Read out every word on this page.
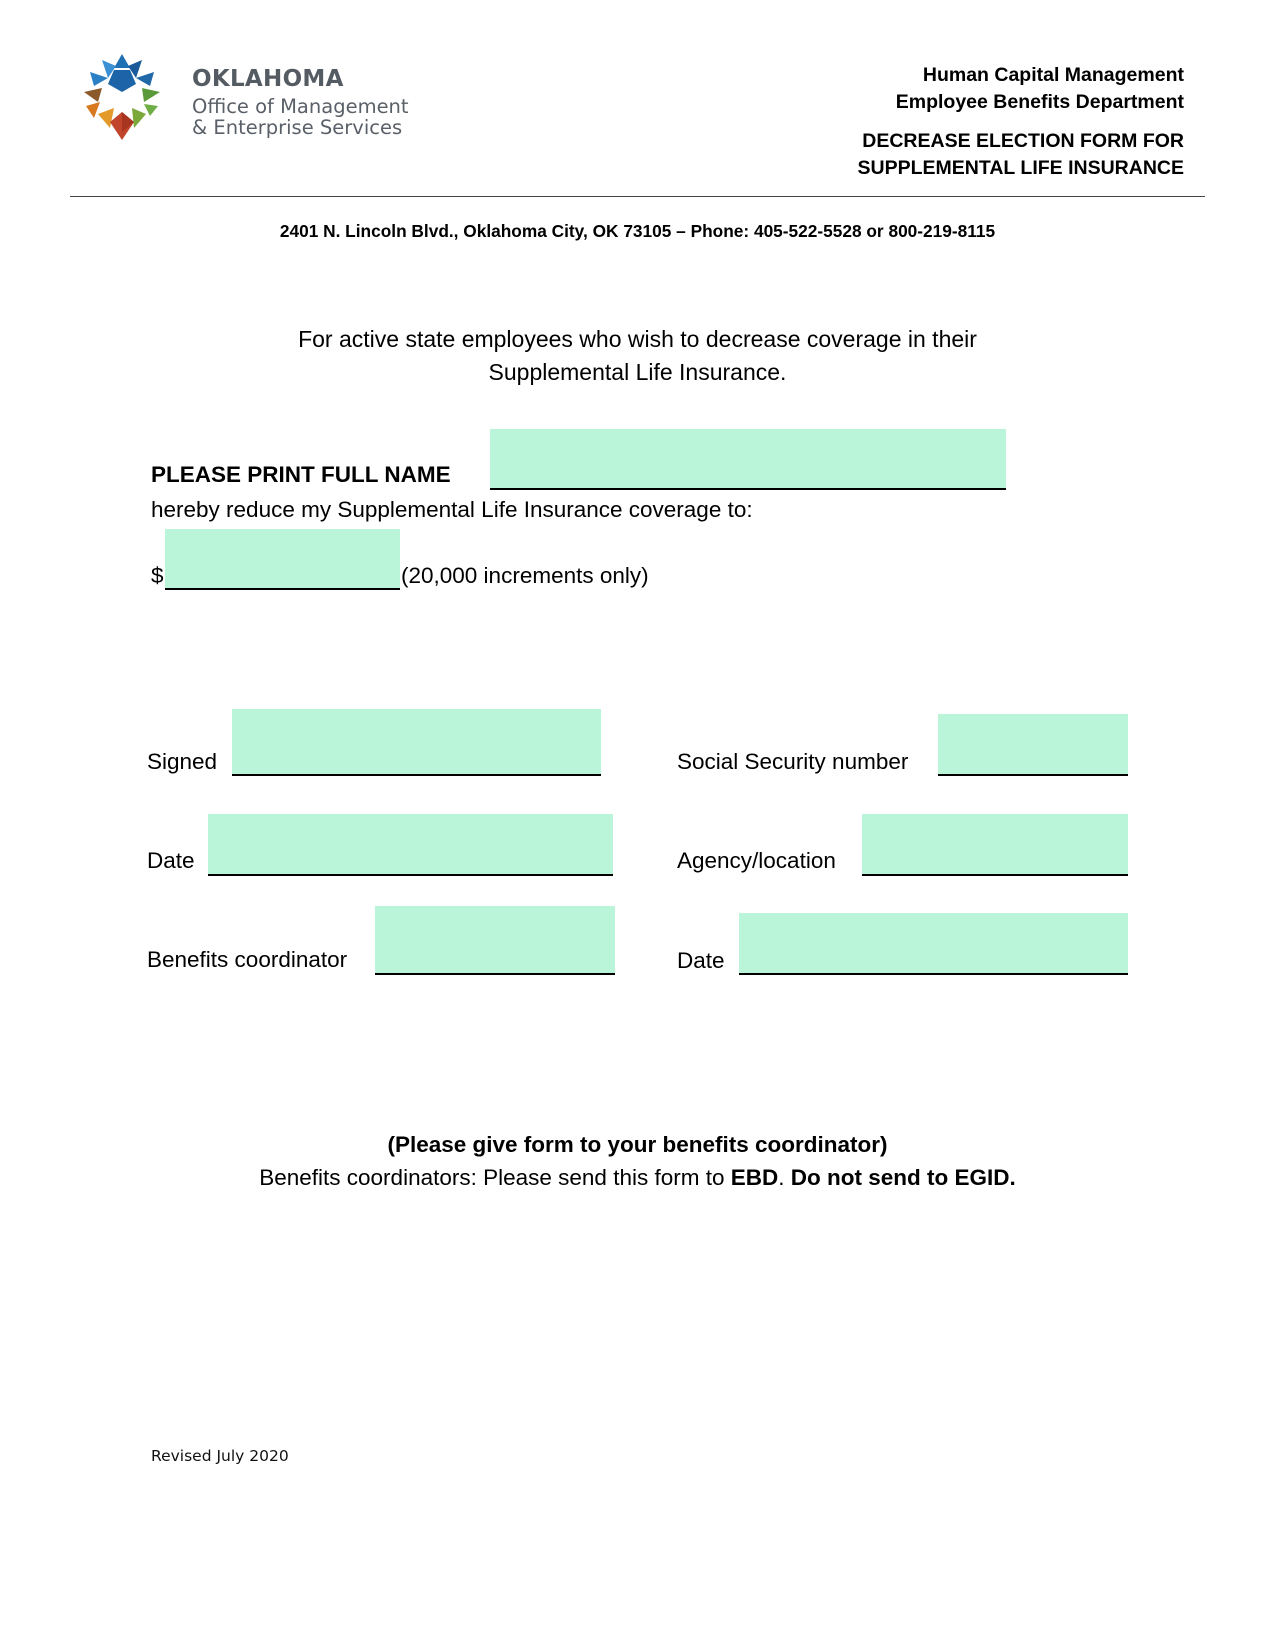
OKLAHOMA
Office of Management
& Enterprise Services
Human Capital Management
Employee Benefits Department
DECREASE ELECTION FORM FOR
SUPPLEMENTAL LIFE INSURANCE
2401 N. Lincoln Blvd., Oklahoma City, OK 73105 – Phone: 405-522-5528 or 800-219-8115
For active state employees who wish to decrease coverage in their
Supplemental Life Insurance.
PLEASE PRINT FULL NAME
hereby reduce my Supplemental Life Insurance coverage to:
$	(20,000 increments only)
Signed
Date
Benefits coordinator
Social Security number
Agency/location
Date
(Please give form to your benefits coordinator)
Benefits coordinators: Please send this form to EBD. Do not send to EGID.
Revised July 2020
